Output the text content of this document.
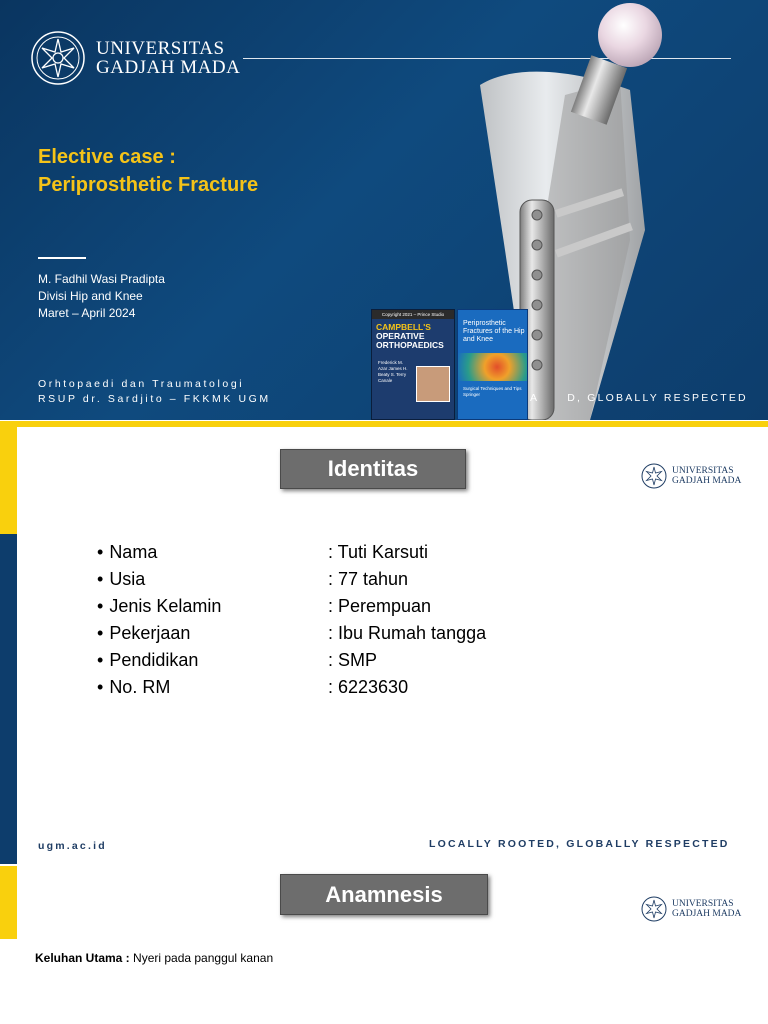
UNIVERSITAS
GADJAH MADA
Elective case :
Periprosthetic Fracture
M. Fadhil Wasi Pradipta
Divisi Hip and Knee
Maret – April 2024
Orhtopaedi dan Traumatologi
RSUP dr. Sardjito – FKKMK UGM
Copyright 2021 – Prince Studio
CAMPBELL'S
OPERATIVE
ORTHOPAEDICS
Frederick M. Azar James H. Beaty S. Terry Canale
Periprosthetic Fractures of the Hip and Knee
Surgical Techniques and Tips
Springer	A	D, GLOBALLY RESPECTED
Identitas	UNIVERSITAS
GADJAH MADA
• Nama	: Tuti Karsuti
• Usia	: 77 tahun
• Jenis Kelamin	: Perempuan
• Pekerjaan	: Ibu Rumah tangga
• Pendidikan	: SMP
• No. RM	: 6223630
ugm.ac.id	LOCALLY ROOTED, GLOBALLY RESPECTED
Anamnesis	UNIVERSITAS
GADJAH MADA
Keluhan Utama : Nyeri pada panggul kanan
